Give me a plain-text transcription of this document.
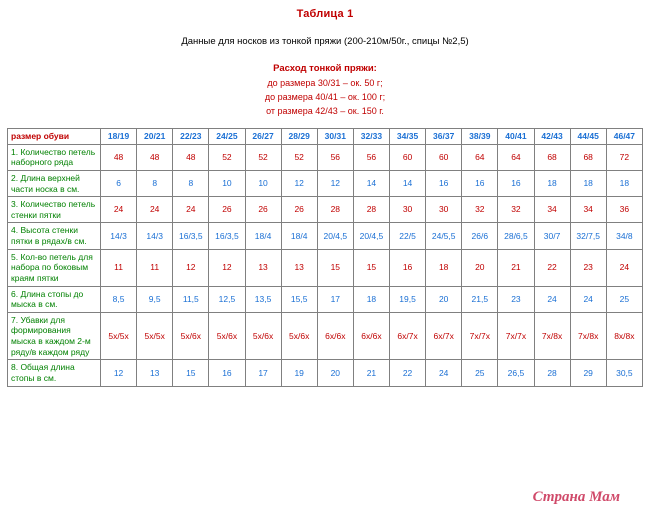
Таблица 1
Данные для носков из тонкой пряжи (200-210м/50г., спицы №2,5)
Расход тонкой пряжи:
до размера 30/31 – ок. 50 г;
до размера 40/41 – ок. 100 г;
от размера 42/43 – ок. 150 г.
размер обуви	18/19	20/21	22/23	24/25	26/27	28/29	30/31	32/33	34/35	36/37	38/39	40/41	42/43	44/45	46/47
1. Количество петель наборного ряда	48	48	48	52	52	52	56	56	60	60	64	64	68	68	72
2. Длина верхней части носка в см.	6	8	8	10	10	12	12	14	14	16	16	16	18	18	18
3. Количество петель стенки пятки	24	24	24	26	26	26	28	28	30	30	32	32	34	34	36
4. Высота стенки пятки в рядах/в см.	14/3	14/3	16/3,5	16/3,5	18/4	18/4	20/4,5	20/4,5	22/5	24/5,5	26/6	28/6,5	30/7	32/7,5	34/8
5. Кол-во петель для набора по боковым краям пятки	11	11	12	12	13	13	15	15	16	18	20	21	22	23	24
6. Длина стопы до мыска в см.	8,5	9,5	11,5	12,5	13,5	15,5	17	18	19,5	20	21,5	23	24	24	25
7. Убавки для формирования мыска в каждом 2-м ряду/в каждом ряду	5х/5х	5х/5х	5х/6х	5х/6х	5х/6х	5х/6х	6х/6х	6х/6х	6х/7х	6х/7х	7х/7х	7х/7х	7х/8х	7х/8х	8х/8х
8. Общая длина стопы в см.	12	13	15	16	17	19	20	21	22	24	25	26,5	28	29	30,5
Страна Мам
